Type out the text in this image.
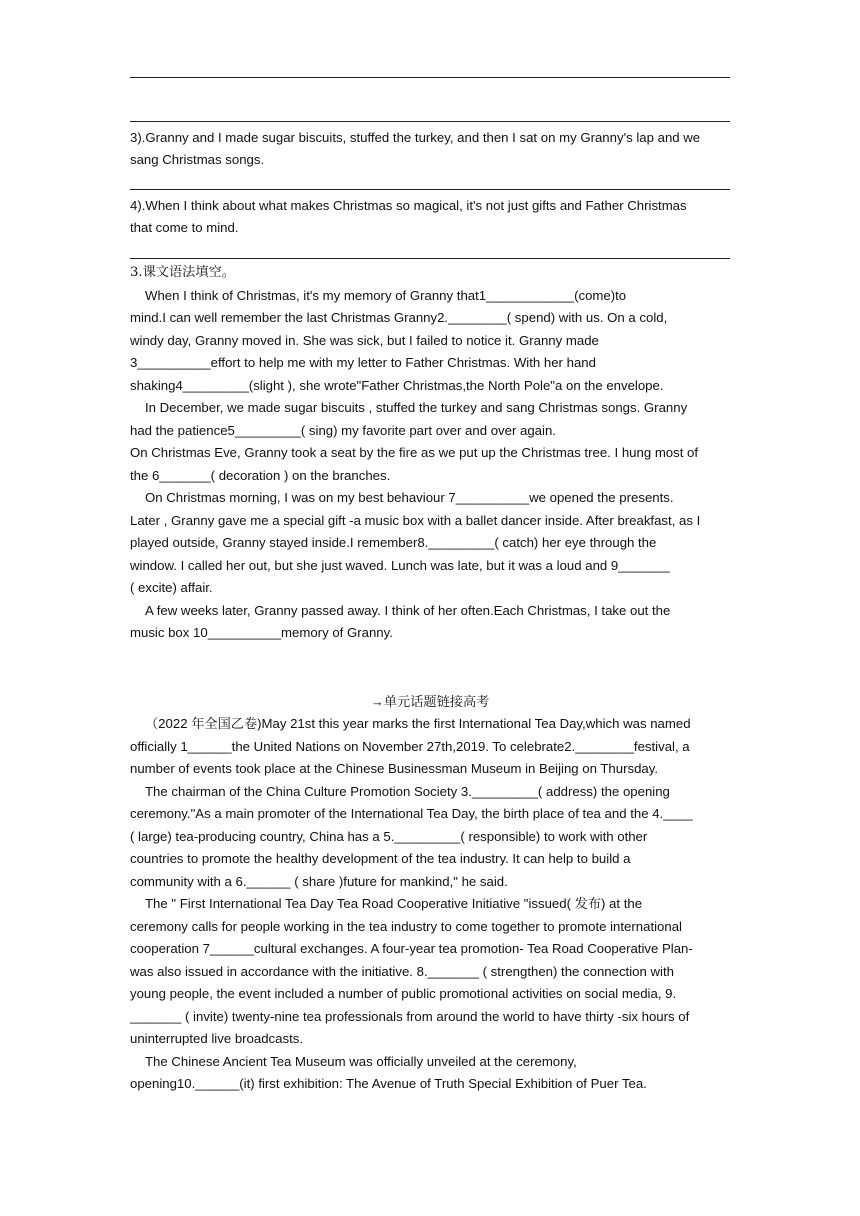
3).Granny and I made sugar biscuits, stuffed the turkey, and then I sat on my Granny's lap and we
sang Christmas songs.
4).When I think about what makes Christmas so magical, it's not just gifts and Father Christmas
that come to mind.
3.课文语法填空。
When I think of Christmas, it's my memory of Granny that1____________(come)to
mind.I can well remember the last Christmas Granny2.________( spend) with us. On a cold,
windy day, Granny moved in. She was sick, but I failed to notice it. Granny made
3__________effort to help me with my letter to Father Christmas. With her hand
shaking4_________(slight ), she wrote"Father Christmas,the North Pole"a on the envelope.
In December, we made sugar biscuits , stuffed the turkey and sang Christmas songs. Granny
had the patience5_________( sing) my favorite part over and over again.
On Christmas Eve, Granny took a seat by the fire as we put up the Christmas tree. I hung most of
the 6_______( decoration ) on the branches.
On Christmas morning, I was on my best behaviour 7__________we opened the presents.
Later , Granny gave me a special gift -a music box with a ballet dancer inside. After breakfast, as I
played outside, Granny stayed inside.I remember8._________( catch) her eye through the
window. I called her out, but she just waved. Lunch was late, but it was a loud and 9_______
( excite) affair.
A few weeks later, Granny passed away. I think of her often.Each Christmas, I take out the
music box 10__________memory of Granny.
→单元话题链接高考
（2022 年全国乙卷)May 21st this year marks the first International Tea Day,which was named
officially 1______the United Nations on November 27th,2019. To celebrate2.________festival, a
number of events took place at the Chinese Businessman Museum in Beijing on Thursday.
The chairman of the China Culture Promotion Society 3._________( address) the opening
ceremony."As a main promoter of the International Tea Day, the birth place of tea and the 4.____
( large) tea-producing country, China has a 5._________( responsible) to work with other
countries to promote the healthy development of the tea industry. It can help to build a
community with a 6.______ ( share )future for mankind," he said.
The " First International Tea Day Tea Road Cooperative Initiative "issued( 发布) at the
ceremony calls for people working in the tea industry to come together to promote international
cooperation 7______cultural exchanges. A four-year tea promotion- Tea Road Cooperative Plan-
was also issued in accordance with the initiative. 8._______ ( strengthen) the connection with
young people, the event included a number of public promotional activities on social media, 9.
_______ ( invite) twenty-nine tea professionals from around the world to have thirty -six hours of
uninterrupted live broadcasts.
The Chinese Ancient Tea Museum was officially unveiled at the ceremony,
opening10.______(it) first exhibition: The Avenue of Truth Special Exhibition of Puer Tea.
